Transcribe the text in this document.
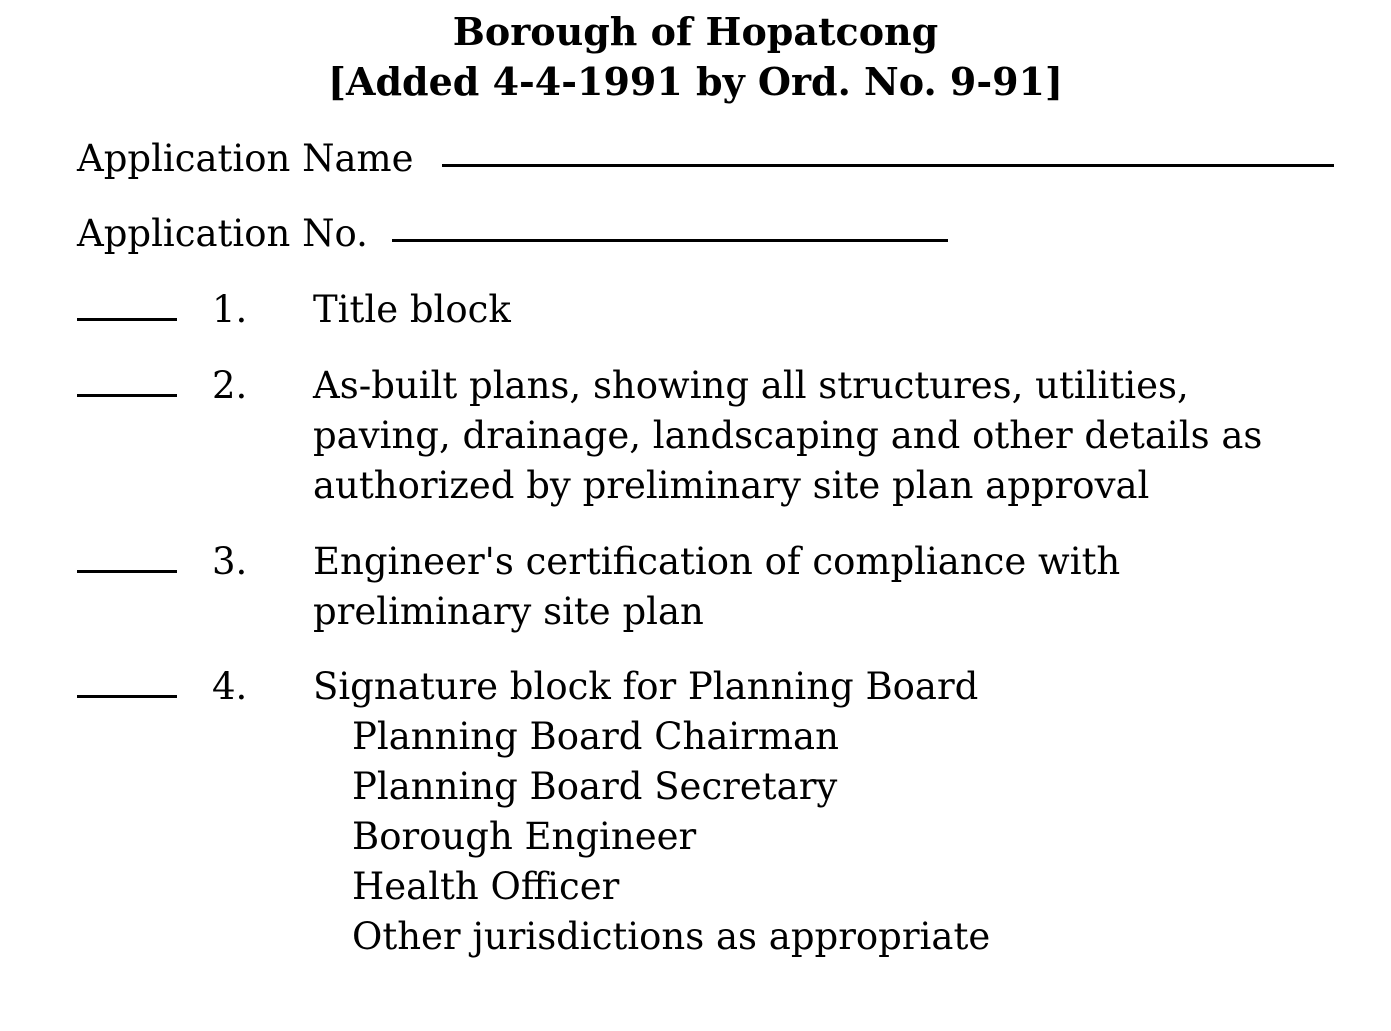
Borough of Hopatcong
[Added 4-4-1991 by Ord. No. 9-91]
Application Name
Application No.
1. Title block
2. As-built plans, showing all structures, utilities, paving, drainage, landscaping and other details as authorized by preliminary site plan approval
3. Engineer's certification of compliance with preliminary site plan
4. Signature block for Planning Board
Planning Board Chairman
Planning Board Secretary
Borough Engineer
Health Officer
Other jurisdictions as appropriate
